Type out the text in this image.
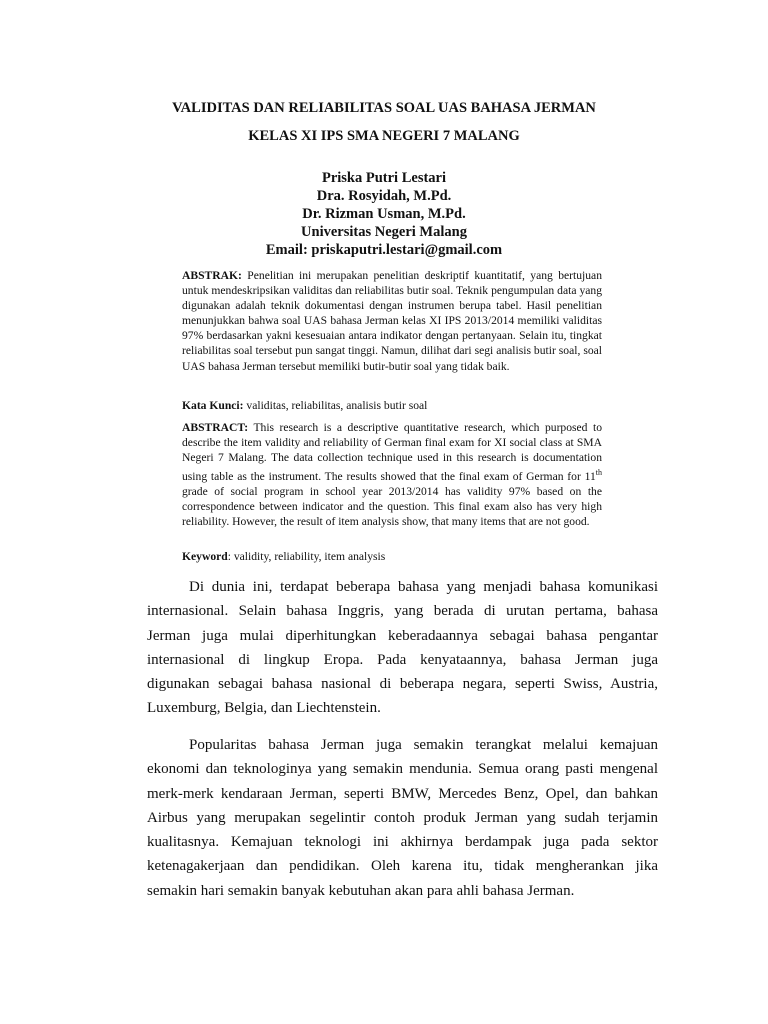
VALIDITAS DAN RELIABILITAS SOAL UAS BAHASA JERMAN
KELAS XI IPS SMA NEGERI 7 MALANG
Priska Putri Lestari
Dra. Rosyidah, M.Pd.
Dr. Rizman Usman, M.Pd.
Universitas Negeri Malang
Email: priskaputri.lestari@gmail.com

ABSTRAK: Penelitian ini merupakan penelitian deskriptif kuantitatif, yang bertujuan untuk mendeskripsikan validitas dan reliabilitas butir soal. Teknik pengumpulan data yang digunakan adalah teknik dokumentasi dengan instrumen berupa tabel. Hasil penelitian menunjukkan bahwa soal UAS bahasa Jerman kelas XI IPS 2013/2014 memiliki validitas 97% berdasarkan yakni kesesuaian antara indikator dengan pertanyaan. Selain itu, tingkat reliabilitas soal tersebut pun sangat tinggi. Namun, dilihat dari segi analisis butir soal, soal UAS bahasa Jerman tersebut memiliki butir-butir soal yang tidak baik.

Kata Kunci: validitas, reliabilitas, analisis butir soal

ABSTRACT: This research is a descriptive quantitative research, which purposed to describe the item validity and reliability of German final exam for XI social class at SMA Negeri 7 Malang. The data collection technique used in this research is documentation using table as the instrument. The results showed that the final exam of German for 11th grade of social program in school year 2013/2014 has validity 97% based on the correspondence between indicator and the question. This final exam also has very high reliability. However, the result of item analysis show, that many items that are not good.

Keyword: validity, reliability, item analysis

Di dunia ini, terdapat beberapa bahasa yang menjadi bahasa komunikasi
internasional. Selain bahasa Inggris, yang berada di urutan pertama, bahasa
Jerman juga mulai diperhitungkan keberadaannya sebagai bahasa pengantar
internasional di lingkup Eropa. Pada kenyataannya, bahasa Jerman juga
digunakan sebagai bahasa nasional di beberapa negara, seperti Swiss, Austria,
Luxemburg, Belgia, dan Liechtenstein.
Popularitas bahasa Jerman juga semakin terangkat melalui kemajuan
ekonomi dan teknologinya yang semakin mendunia. Semua orang pasti mengenal
merk-merk kendaraan Jerman, seperti BMW, Mercedes Benz, Opel, dan bahkan
Airbus yang merupakan segelintir contoh produk Jerman yang sudah terjamin
kualitasnya. Kemajuan teknologi ini akhirnya berdampak juga pada sektor
ketenagakerjaan dan pendidikan. Oleh karena itu, tidak mengherankan jika
semakin hari semakin banyak kebutuhan akan para ahli bahasa Jerman.
